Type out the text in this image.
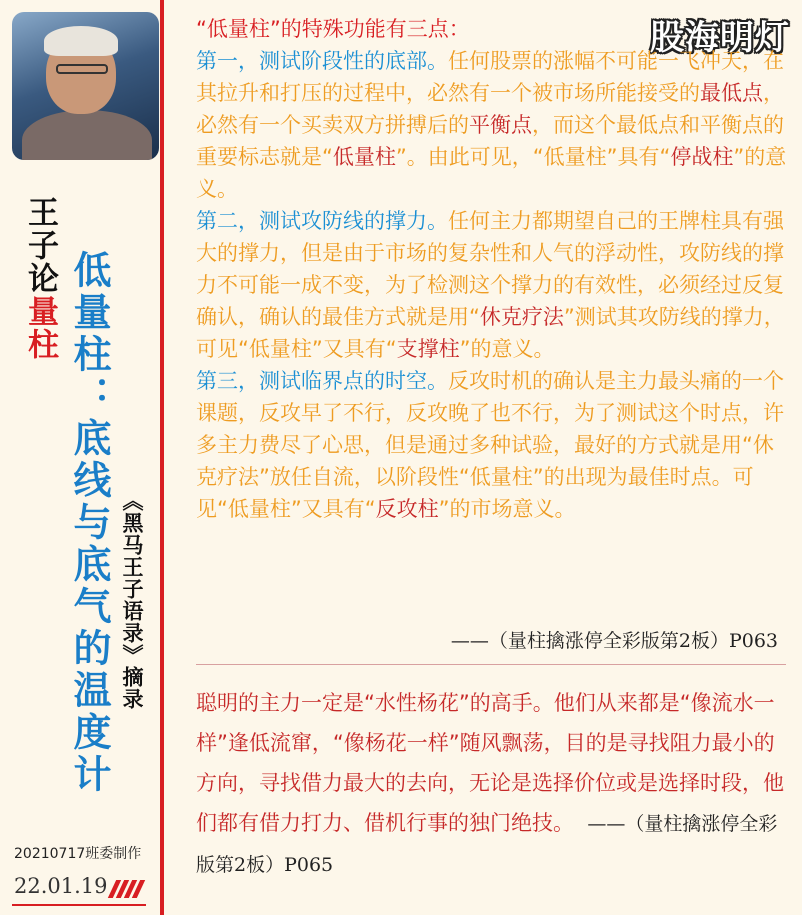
王子论量柱 低量柱：底线与底气的温度计 《黑马王子语录》摘录
20210717班委制作
22.01.19
股海明灯

“低量柱”的特殊功能有三点：

第一，测试阶段性的底部。任何股票的涨幅不可能一飞冲天，在其拉升和打压的过程中，必然有一个被市场所能接受的最低点，必然有一个买卖双方拼搏后的平衡点，而这个最低点和平衡点的重要标志就是“低量柱”。由此可见，“低量柱”具有“停战柱”的意义。

第二，测试攻防线的撑力。任何主力都期望自己的王牌柱具有强大的撑力，但是由于市场的复杂性和人气的浮动性，攻防线的撑力不可能一成不变，为了检测这个撑力的有效性，必须经过反复确认，确认的最佳方式就是用“休克疗法”测试其攻防线的撑力，可见“低量柱”又具有“支撑柱”的意义。

第三，测试临界点的时空。反攻时机的确认是主力最头痛的一个课题，反攻早了不行，反攻晚了也不行，为了测试这个时点，许多主力费尽了心思，但是通过多种试验，最好的方式就是用“休克疗法”放任自流，以阶段性“低量柱”的出现为最佳时点。可见“低量柱”又具有“反攻柱”的市场意义。

——（量柱擒涨停全彩版第2板）P063
聪明的主力一定是“水性杨花”的高手。他们从来都是“像流水一样”逢低流窜，“像杨花一样”随风飘荡，目的是寻找阻力最小的方向，寻找借力最大的去向，无论是选择价位或是选择时段，他们都有借力打力、借机行事的独门绝技。 ——（量柱擒涨停全彩版第2板）P065
